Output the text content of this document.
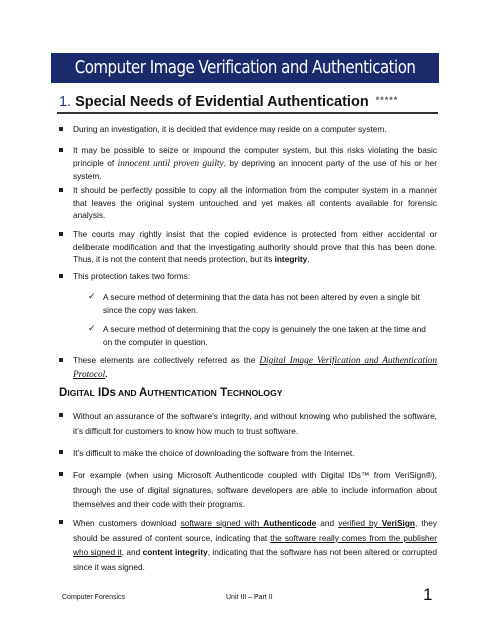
Computer Image Verification and Authentication
1. Special Needs of Evidential Authentication *****
During an investigation, it is decided that evidence may reside on a computer system.
It may be possible to seize or impound the computer system, but this risks violating the basic principle of innocent until proven guilty, by depriving an innocent party of the use of his or her system.
It should be perfectly possible to copy all the information from the computer system in a manner that leaves the original system untouched and yet makes all contents available for forensic analysis.
The courts may rightly insist that the copied evidence is protected from either accidental or deliberate modification and that the investigating authority should prove that this has been done. Thus, it is not the content that needs protection, but its integrity.
This protection takes two forms:
✓ A secure method of determining that the data has not been altered by even a single bit since the copy was taken.
✓ A secure method of determining that the copy is genuinely the one taken at the time and on the computer in question.
These elements are collectively referred as the Digital Image Verification and Authentication Protocol.
DIGITAL IDs AND AUTHENTICATION TECHNOLOGY
Without an assurance of the software’s integrity, and without knowing who published the software, it’s difficult for customers to know how much to trust software.
It’s difficult to make the choice of downloading the software from the Internet.
For example (when using Microsoft Authenticode coupled with Digital IDs™ from VeriSign®), through the use of digital signatures, software developers are able to include information about themselves and their code with their programs.
When customers download software signed with Authenticode and verified by VeriSign, they should be assured of content source, indicating that the software really comes from the publisher who signed it, and content integrity, indicating that the software has not been altered or corrupted since it was signed.
Computer Forensics	Unit III – Part II	1
